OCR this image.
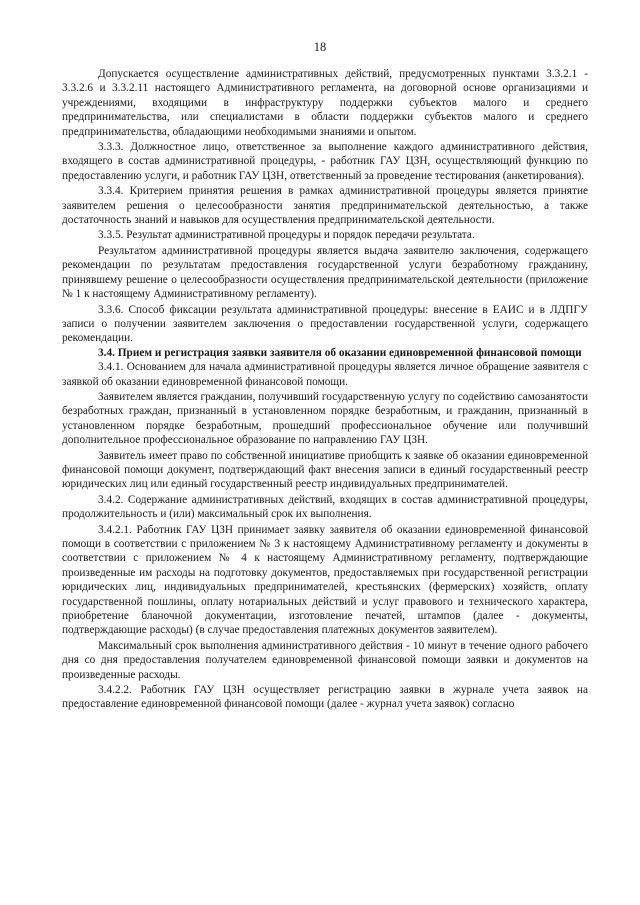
18

Допускается осуществление административных действий, предусмотренных пунктами 3.3.2.1 - 3.3.2.6 и 3.3.2.11 настоящего Административного регламента, на договорной основе организациями и учреждениями, входящими в инфраструктуру поддержки субъектов малого и среднего предпринимательства, или специалистами в области поддержки субъектов малого и среднего предпринимательства, обладающими необходимыми знаниями и опытом.

3.3.3. Должностное лицо, ответственное за выполнение каждого административного действия, входящего в состав административной процедуры, - работник ГАУ ЦЗН, осуществляющий функцию по предоставлению услуги, и работник ГАУ ЦЗН, ответственный за проведение тестирования (анкетирования).

3.3.4. Критерием принятия решения в рамках административной процедуры является принятие заявителем решения о целесообразности занятия предпринимательской деятельностью, а также достаточность знаний и навыков для осуществления предпринимательской деятельности.

3.3.5. Результат административной процедуры и порядок передачи результата.

Результатом административной процедуры является выдача заявителю заключения, содержащего рекомендации по результатам предоставления государственной услуги безработному гражданину, принявшему решение о целесообразности осуществления предпринимательской деятельности (приложение № 1 к настоящему Административному регламенту).

3.3.6. Способ фиксации результата административной процедуры: внесение в ЕАИС и в ЛДПГУ записи о получении заявителем заключения о предоставлении государственной услуги, содержащего рекомендации.

3.4. Прием и регистрация заявки заявителя об оказании единовременной финансовой помощи

3.4.1. Основанием для начала административной процедуры является личное обращение заявителя с заявкой об оказании единовременной финансовой помощи.

Заявителем является гражданин, получивший государственную услугу по содействию самозанятости безработных граждан, признанный в установленном порядке безработным, и гражданин, признанный в установленном порядке безработным, прошедший профессиональное обучение или получивший дополнительное профессиональное образование по направлению ГАУ ЦЗН.

Заявитель имеет право по собственной инициативе приобщить к заявке об оказании единовременной финансовой помощи документ, подтверждающий факт внесения записи в единый государственный реестр юридических лиц или единый государственный реестр индивидуальных предпринимателей.

3.4.2. Содержание административных действий, входящих в состав административной процедуры, продолжительность и (или) максимальный срок их выполнения.

3.4.2.1. Работник ГАУ ЦЗН принимает заявку заявителя об оказании единовременной финансовой помощи в соответствии с приложением № 3 к настоящему Административному регламенту и документы в соответствии с приложением № 4 к настоящему Административному регламенту, подтверждающие произведенные им расходы на подготовку документов, предоставляемых при государственной регистрации юридических лиц, индивидуальных предпринимателей, крестьянских (фермерских) хозяйств, оплату государственной пошлины, оплату нотариальных действий и услуг правового и технического характера, приобретение бланочной документации, изготовление печатей, штампов (далее - документы, подтверждающие расходы) (в случае предоставления платежных документов заявителем).

Максимальный срок выполнения административного действия - 10 минут в течение одного рабочего дня со дня предоставления получателем единовременной финансовой помощи заявки и документов на произведенные расходы.

3.4.2.2. Работник ГАУ ЦЗН осуществляет регистрацию заявки в журнале учета заявок на предоставление единовременной финансовой помощи (далее - журнал учета заявок) согласно
